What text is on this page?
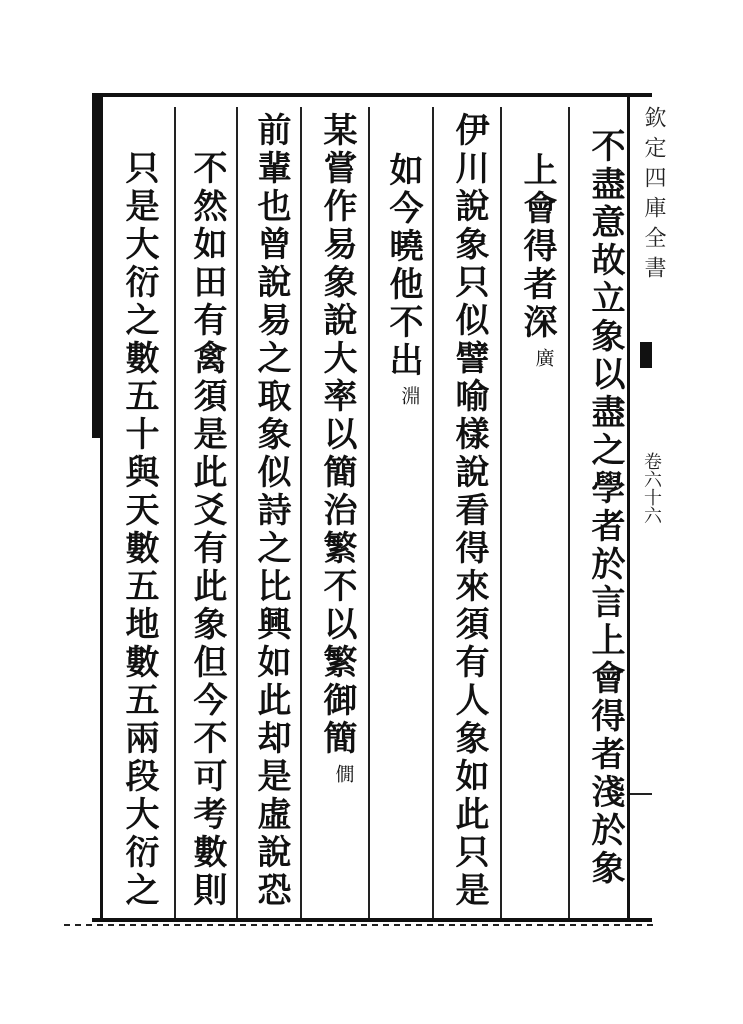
不盡意故立象以盡之學者於言上會得者淺於象
上會得者深
廣
伊川說象只似譬喻樣說看得來須有人象如此只是
如今曉他不出
淵
某嘗作易象說大率以簡治繁不以繁御簡
僩
前輩也曾說易之取象似詩之比興如此却是虛說恐
不然如田有禽須是此爻有此象但今不可考數則
只是大衍之數五十與天數五地數五兩段大衍之	欽定四庫全書
卷六十六
